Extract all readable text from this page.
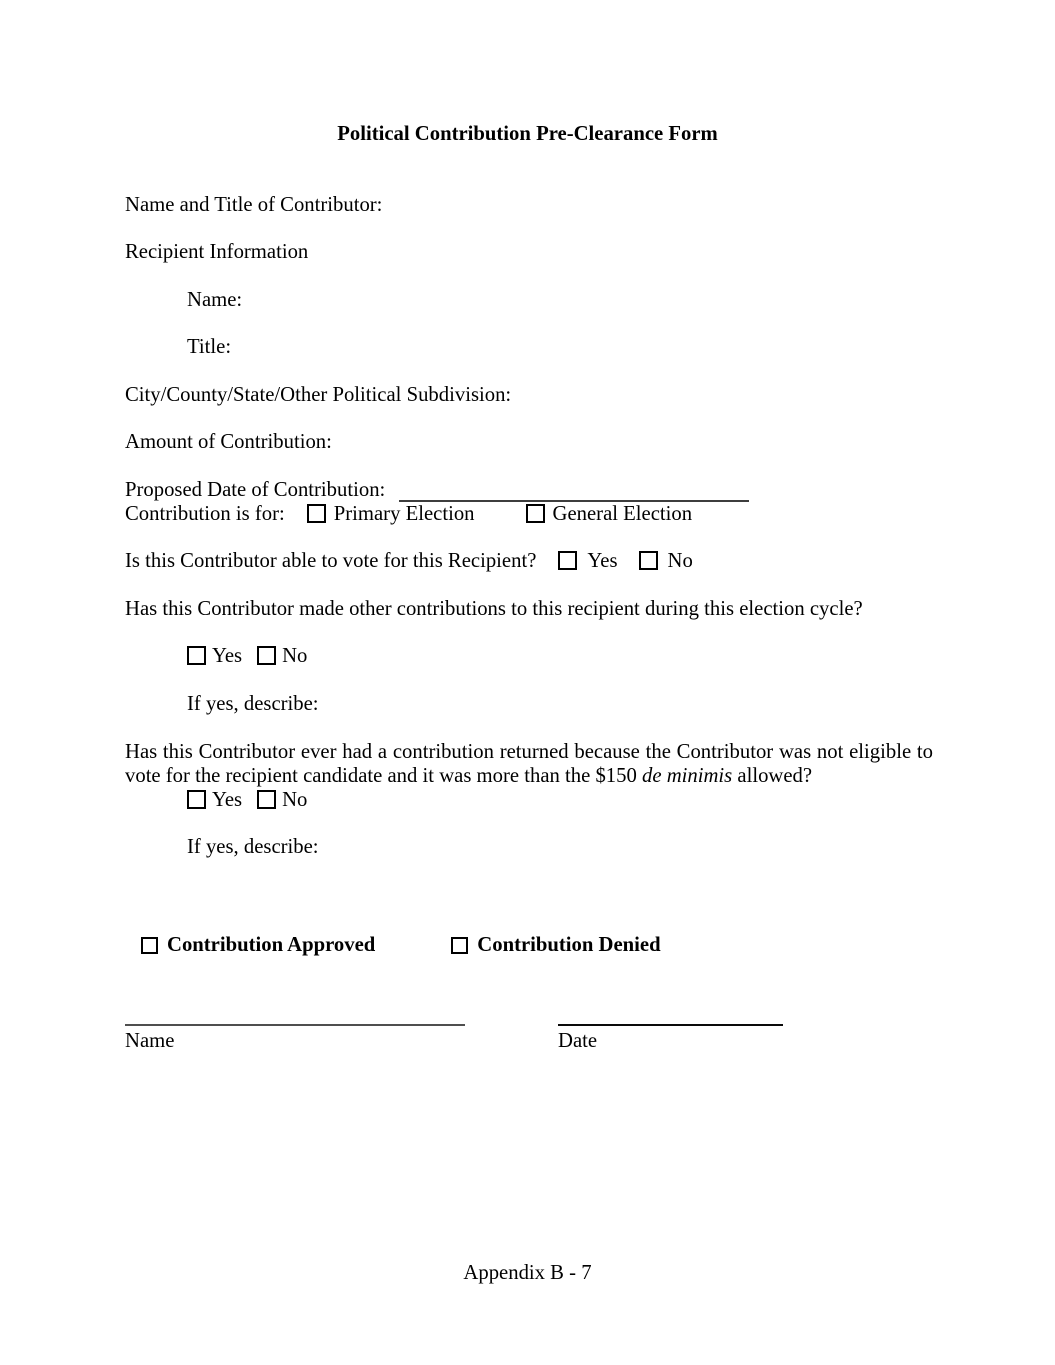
Political Contribution Pre-Clearance Form
Name and Title of Contributor:
Recipient Information
Name:
Title:
City/County/State/Other Political Subdivision:
Amount of Contribution:
Proposed Date of Contribution:
Contribution is for: Primary Election	General Election
Is this Contributor able to vote for this Recipient? Yes No
Has this Contributor made other contributions to this recipient during this election cycle?
Yes No
If yes, describe:
Has this Contributor ever had a contribution returned because the Contributor was not eligible to vote for the recipient candidate and it was more than the $150 de minimis allowed?
Yes No
If yes, describe:
Contribution Approved	Contribution Denied
Name	Date
Appendix B - 7
